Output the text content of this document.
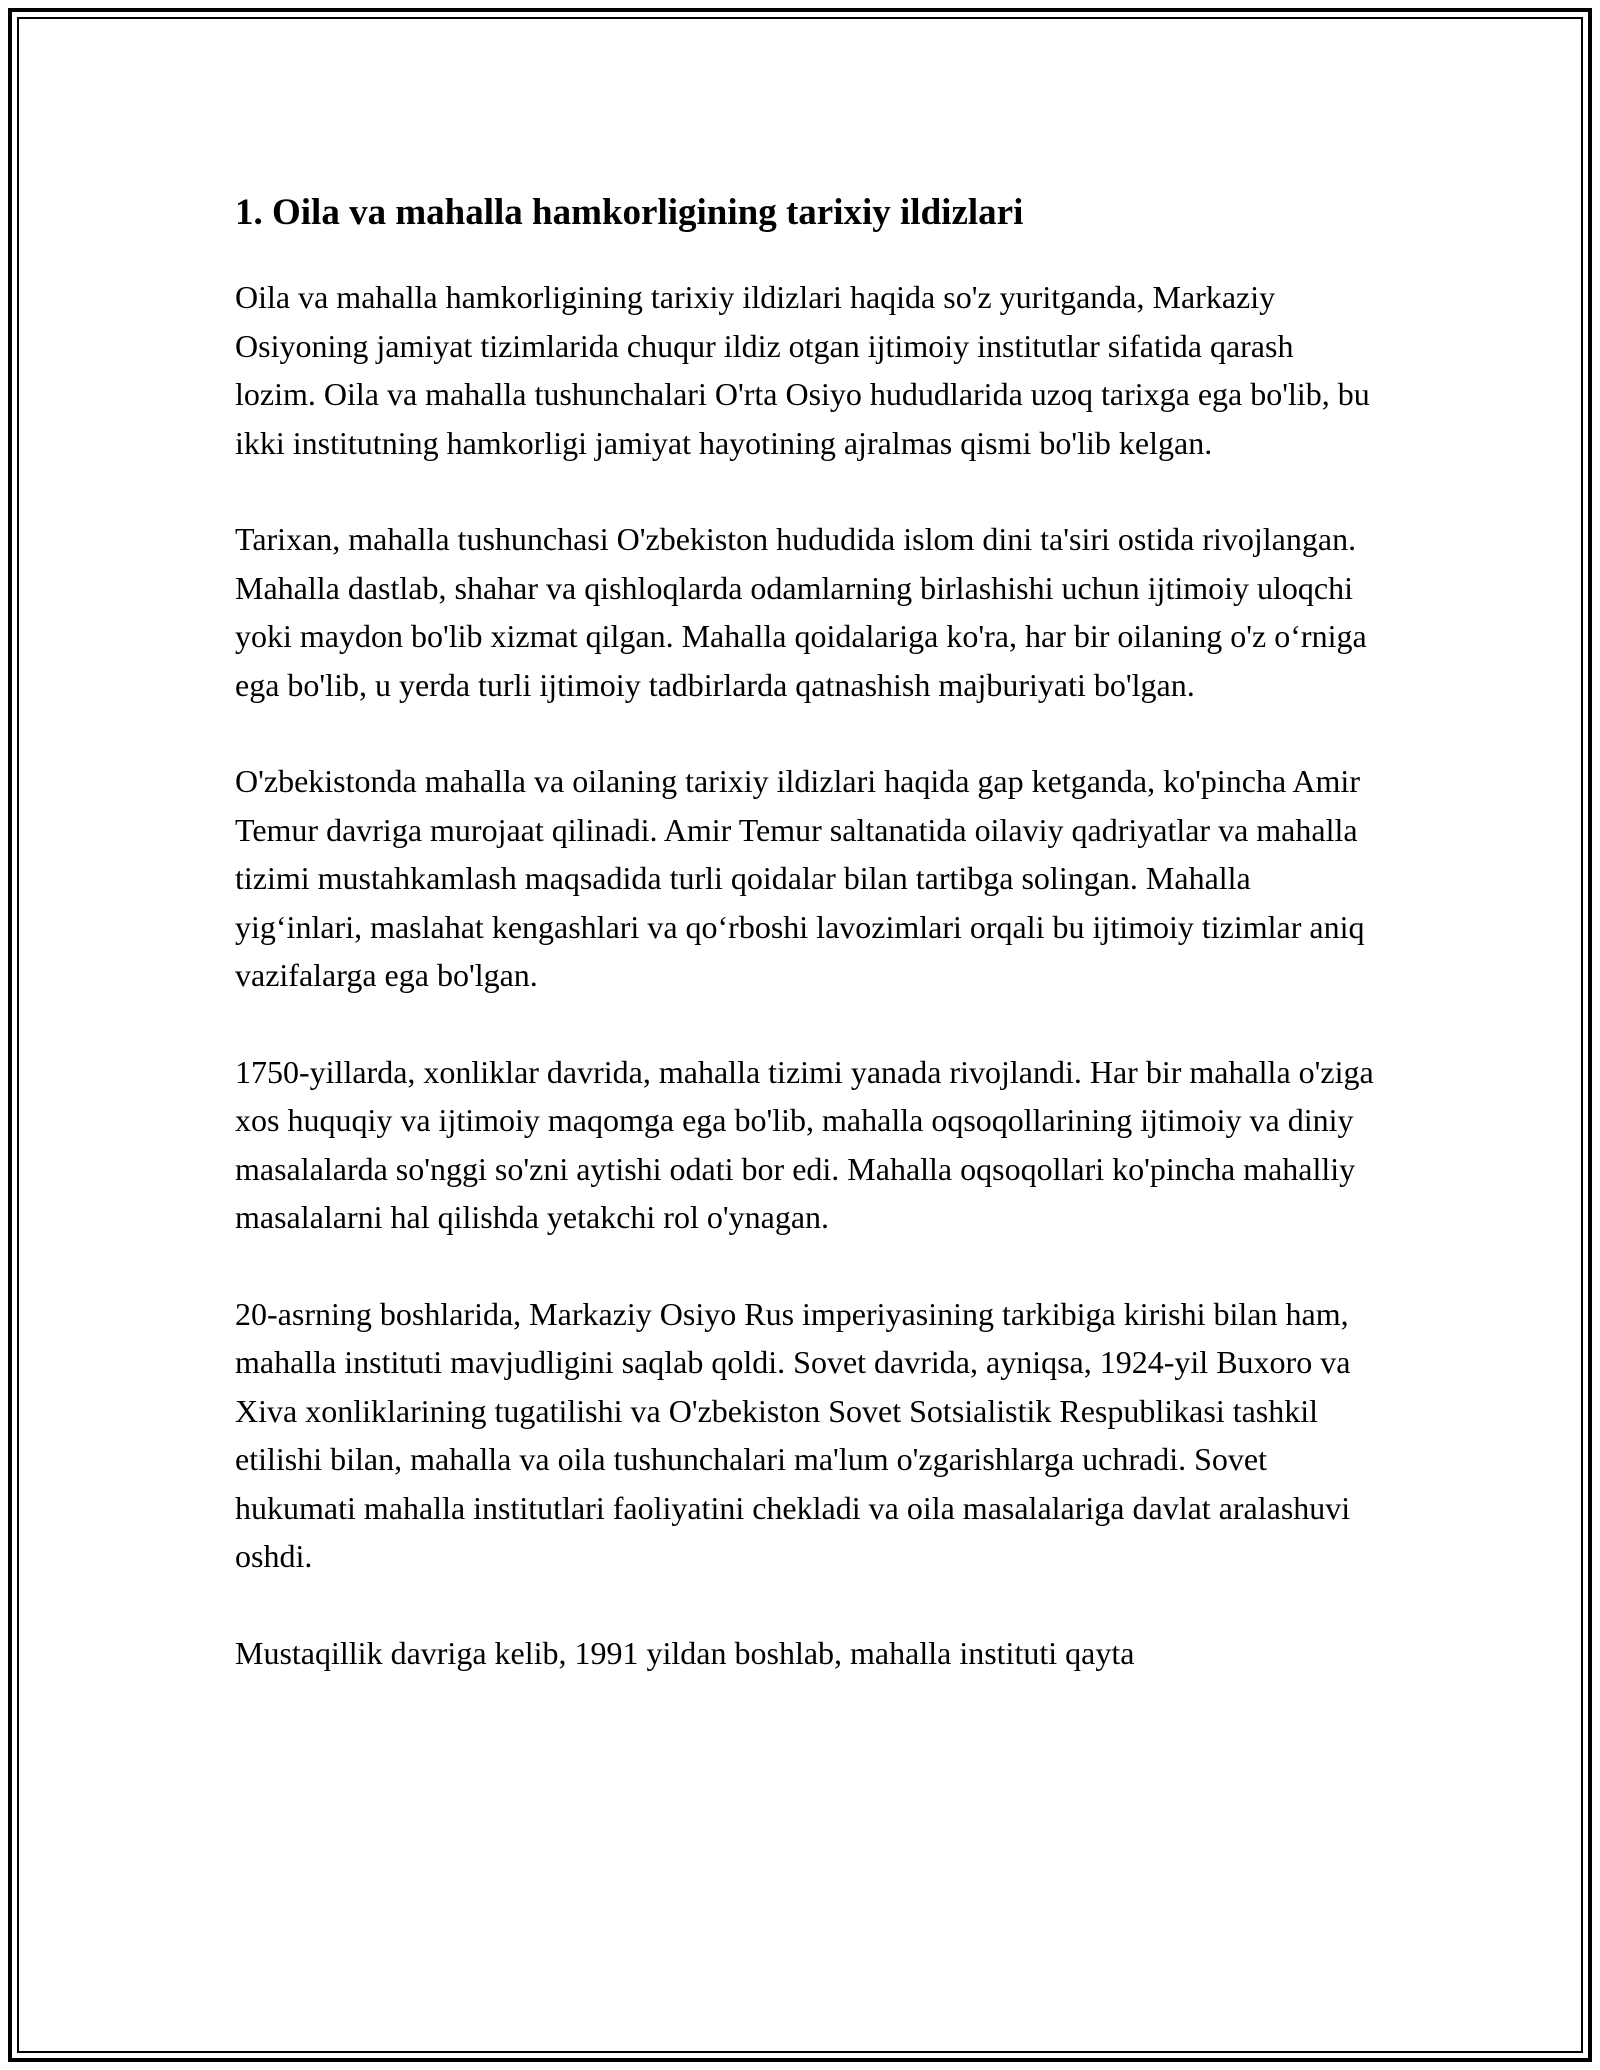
1. Oila va mahalla hamkorligining tarixiy ildizlari

Oila va mahalla hamkorligining tarixiy ildizlari haqida so'z yuritganda, Markaziy Osiyoning jamiyat tizimlarida chuqur ildiz otgan ijtimoiy institutlar sifatida qarash lozim. Oila va mahalla tushunchalari O'rta Osiyo hududlarida uzoq tarixga ega bo'lib, bu ikki institutning hamkorligi jamiyat hayotining ajralmas qismi bo'lib kelgan.

Tarixan, mahalla tushunchasi O'zbekiston hududida islom dini ta'siri ostida rivojlangan. Mahalla dastlab, shahar va qishloqlarda odamlarning birlashishi uchun ijtimoiy uloqchi yoki maydon bo'lib xizmat qilgan. Mahalla qoidalariga ko'ra, har bir oilaning o'z o‘rniga ega bo'lib, u yerda turli ijtimoiy tadbirlarda qatnashish majburiyati bo'lgan.

O'zbekistonda mahalla va oilaning tarixiy ildizlari haqida gap ketganda, ko'pincha Amir Temur davriga murojaat qilinadi. Amir Temur saltanatida oilaviy qadriyatlar va mahalla tizimi mustahkamlash maqsadida turli qoidalar bilan tartibga solingan. Mahalla yig‘inlari, maslahat kengashlari va qo‘rboshi lavozimlari orqali bu ijtimoiy tizimlar aniq vazifalarga ega bo'lgan.

1750-yillarda, xonliklar davrida, mahalla tizimi yanada rivojlandi. Har bir mahalla o'ziga xos huquqiy va ijtimoiy maqomga ega bo'lib, mahalla oqsoqollarining ijtimoiy va diniy masalalarda so'nggi so'zni aytishi odati bor edi. Mahalla oqsoqollari ko'pincha mahalliy masalalarni hal qilishda yetakchi rol o'ynagan.

20-asrning boshlarida, Markaziy Osiyo Rus imperiyasining tarkibiga kirishi bilan ham, mahalla instituti mavjudligini saqlab qoldi. Sovet davrida, ayniqsa, 1924-yil Buxoro va Xiva xonliklarining tugatilishi va O'zbekiston Sovet Sotsialistik Respublikasi tashkil etilishi bilan, mahalla va oila tushunchalari ma'lum o'zgarishlarga uchradi. Sovet hukumati mahalla institutlari faoliyatini chekladi va oila masalalariga davlat aralashuvi oshdi.

Mustaqillik davriga kelib, 1991 yildan boshlab, mahalla instituti qayta
